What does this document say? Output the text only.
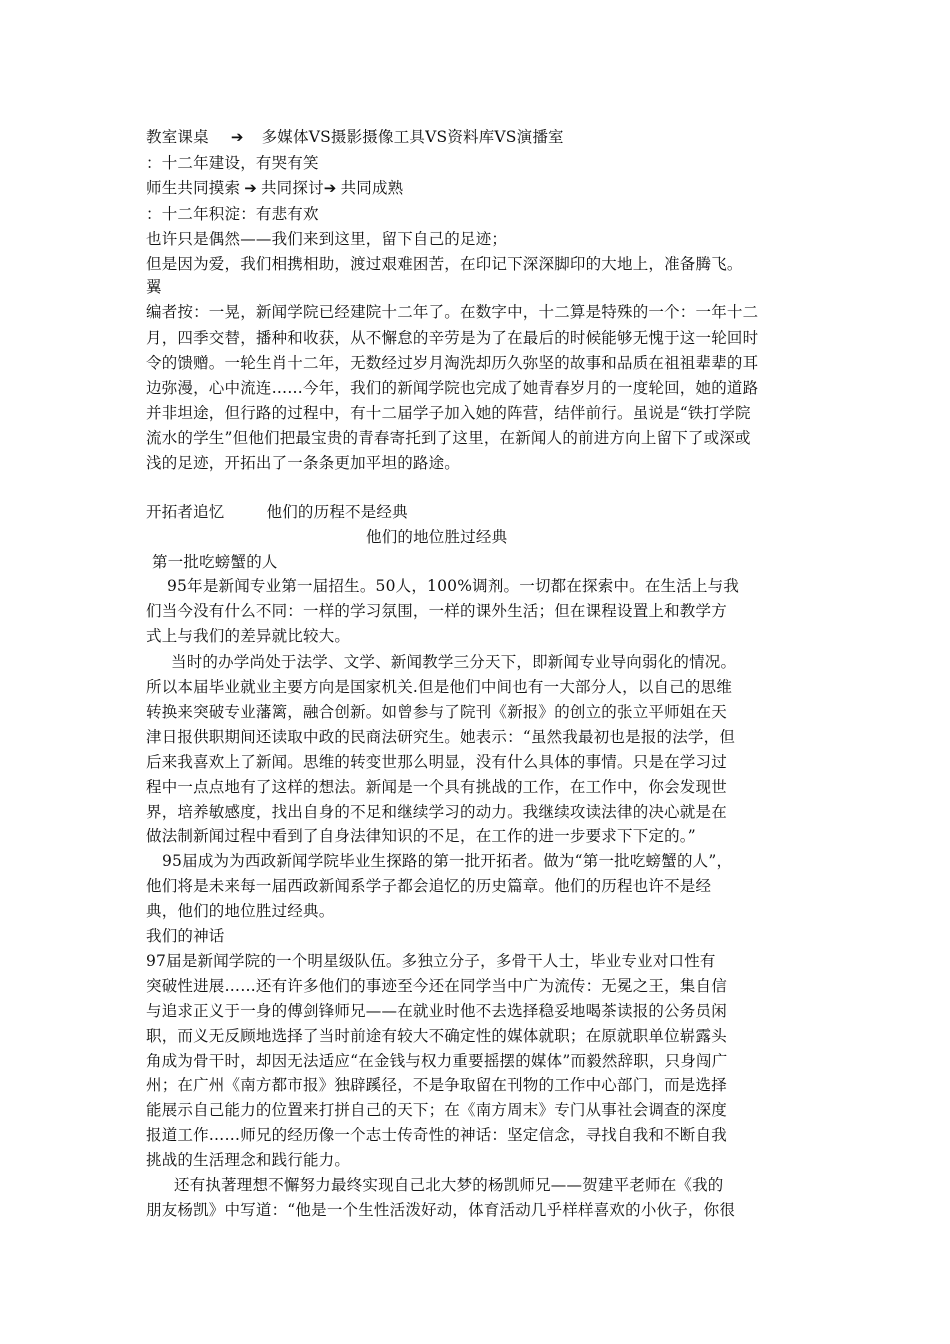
教室课桌 ➔ 多媒体VS摄影摄像工具VS资料库VS演播室
：十二年建设，有哭有笑
师生共同摸索 ➔ 共同探讨➔ 共同成熟
：十二年积淀：有悲有欢
也许只是偶然——我们来到这里，留下自己的足迹；
但是因为爱，我们相携相助，渡过艰难困苦，在印记下深深脚印的大地上，准备腾飞。
翼
编者按：一晃，新闻学院已经建院十二年了。在数字中，十二算是特殊的一个：一年十二
月，四季交替，播种和收获，从不懈怠的辛劳是为了在最后的时候能够无愧于这一轮回时
令的馈赠。一轮生肖十二年，无数经过岁月淘洗却历久弥坚的故事和品质在祖祖辈辈的耳
边弥漫，心中流连……今年，我们的新闻学院也完成了她青春岁月的一度轮回，她的道路
并非坦途，但行路的过程中，有十二届学子加入她的阵营，结伴前行。虽说是“铁打学院
流水的学生”但他们把最宝贵的青春寄托到了这里，在新闻人的前进方向上留下了或深或
浅的足迹，开拓出了一条条更加平坦的路途。
开拓者追忆	他们的历程不是经典
他们的地位胜过经典
第一批吃螃蟹的人
95年是新闻专业第一届招生。50人，100%调剂。一切都在探索中。在生活上与我
们当今没有什么不同：一样的学习氛围，一样的课外生活；但在课程设置上和教学方
式上与我们的差异就比较大。
当时的办学尚处于法学、文学、新闻教学三分天下，即新闻专业导向弱化的情况。
所以本届毕业就业主要方向是国家机关.但是他们中间也有一大部分人，以自己的思维
转换来突破专业藩篱，融合创新。如曾参与了院刊《新报》的创立的张立平师姐在天
津日报供职期间还读取中政的民商法研究生。她表示：“虽然我最初也是报的法学，但
后来我喜欢上了新闻。思维的转变世那么明显，没有什么具体的事情。只是在学习过
程中一点点地有了这样的想法。新闻是一个具有挑战的工作，在工作中，你会发现世
界，培养敏感度，找出自身的不足和继续学习的动力。我继续攻读法律的决心就是在
做法制新闻过程中看到了自身法律知识的不足，在工作的进一步要求下下定的。”
95届成为为西政新闻学院毕业生探路的第一批开拓者。做为“第一批吃螃蟹的人”，
他们将是未来每一届西政新闻系学子都会追忆的历史篇章。他们的历程也许不是经
典，他们的地位胜过经典。
我们的神话
97届是新闻学院的一个明星级队伍。多独立分子，多骨干人士，毕业专业对口性有
突破性进展……还有许多他们的事迹至今还在同学当中广为流传：无冕之王，集自信
与追求正义于一身的傅剑锋师兄——在就业时他不去选择稳妥地喝茶读报的公务员闲
职，而义无反顾地选择了当时前途有较大不确定性的媒体就职；在原就职单位崭露头
角成为骨干时，却因无法适应“在金钱与权力重要摇摆的媒体”而毅然辞职，只身闯广
州；在广州《南方都市报》独辟蹊径，不是争取留在刊物的工作中心部门，而是选择
能展示自己能力的位置来打拼自己的天下；在《南方周末》专门从事社会调查的深度
报道工作……师兄的经历像一个志士传奇性的神话：坚定信念，寻找自我和不断自我
挑战的生活理念和践行能力。
还有执著理想不懈努力最终实现自己北大梦的杨凯师兄——贺建平老师在《我的
朋友杨凯》中写道：“他是一个生性活泼好动，体育活动几乎样样喜欢的小伙子，你很
